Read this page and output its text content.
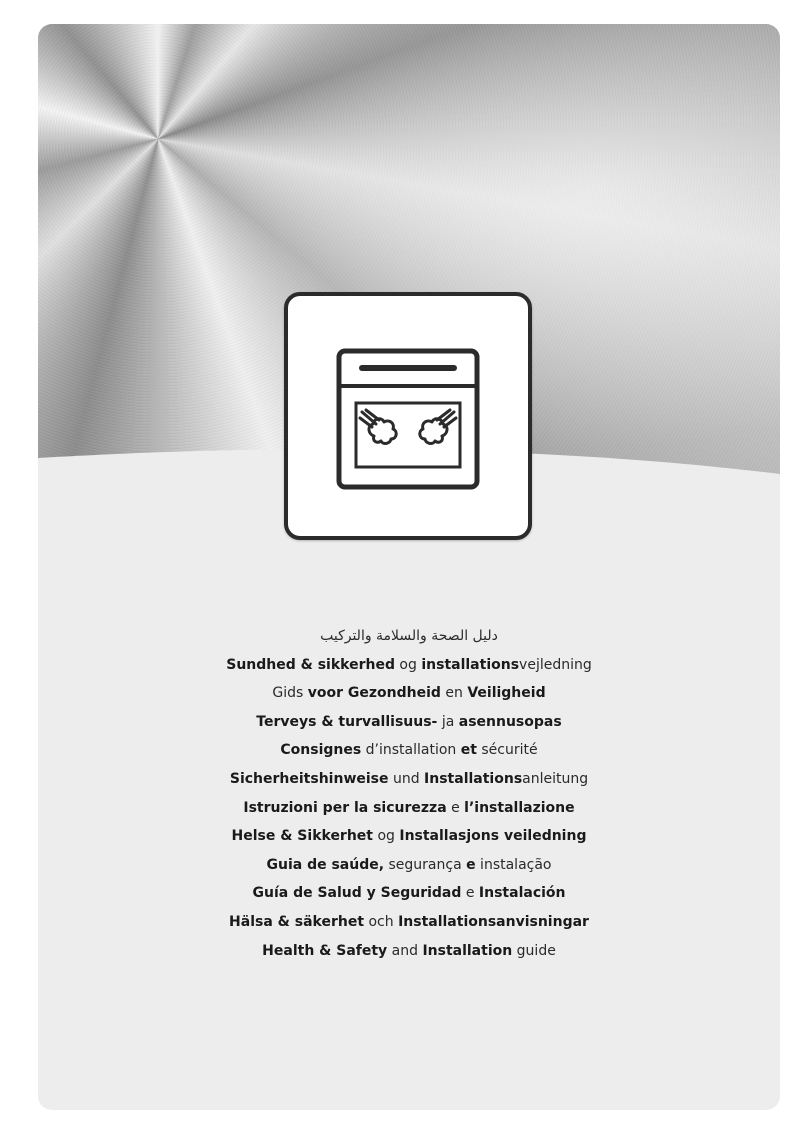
دليل الصحة والسلامة والتركيب
Sundhed & sikkerhed og installationsvejledning
Gids voor Gezondheid en Veiligheid
Terveys & turvallisuus- ja asennusopas
Consignes d’installation et sécurité
Sicherheitshinweise und Installationsanleitung
Istruzioni per la sicurezza e l’installazione
Helse & Sikkerhet og Installasjons veiledning
Guia de saúde, segurança e instalação
Guía de Salud y Seguridad e Instalación
Hälsa & säkerhet och Installationsanvisningar
Health & Safety and Installation guide
